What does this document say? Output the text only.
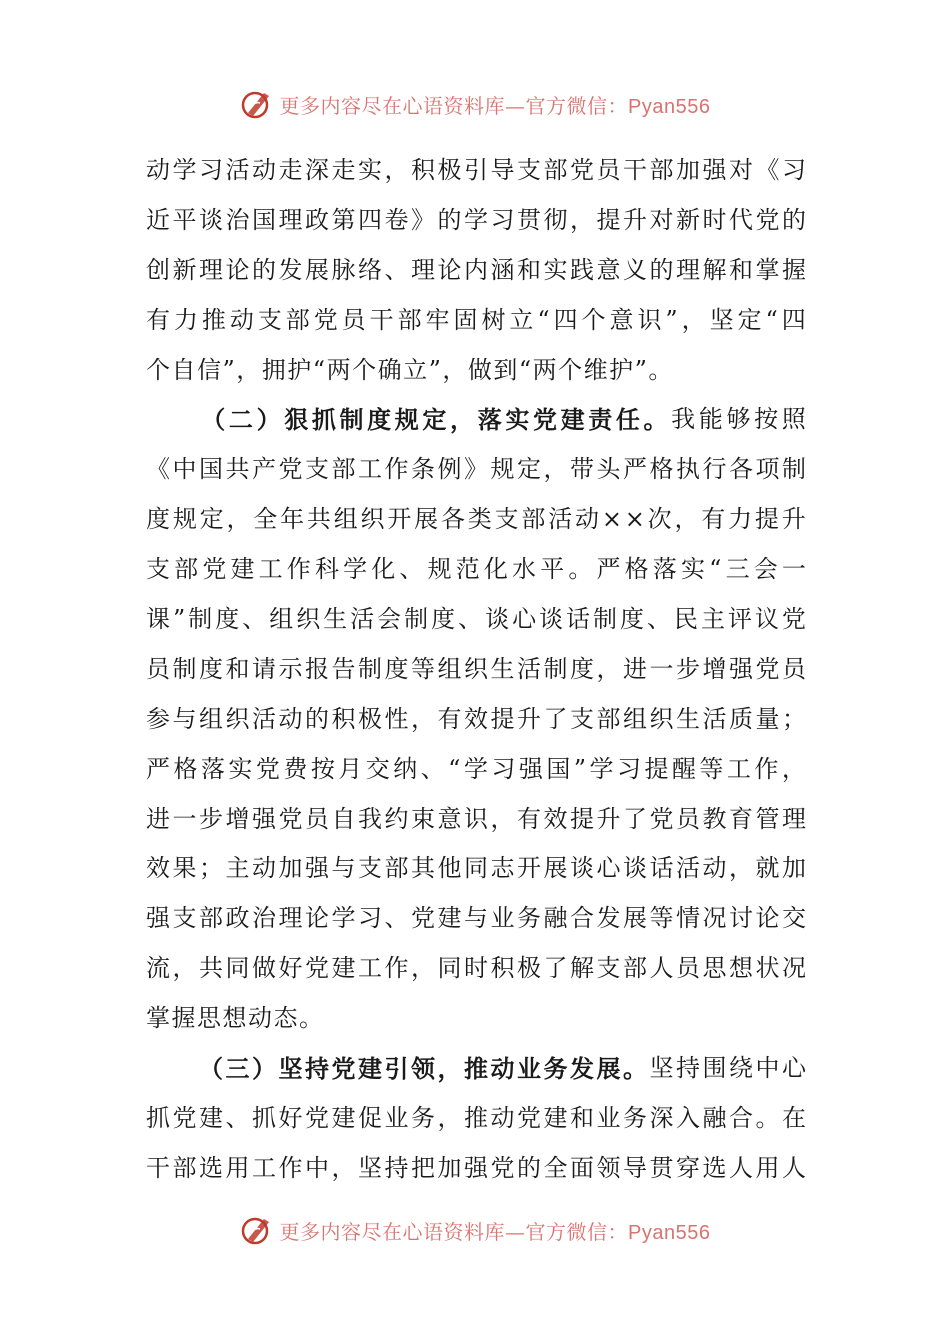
更多内容尽在心语资料库—官方微信：Pyan556
动 学 习 活 动 走 深 走 实 ， 积 极 引 导 支 部 党 员 干 部 加 强 对 《 习
近 平 谈 治 国 理 政 第 四 卷 》 的 学 习 贯 彻 ， 提 升 对 新 时 代 党 的
创 新 理 论 的 发 展 脉 络 、 理 论 内 涵 和 实 践 意 义 的 理 解 和 掌 握
有 力 推 动 支 部 党 员 干 部 牢 固 树 立 “ 四 个 意 识 ” ， 坚 定 “ 四
个 自 信 ” ， 拥 护 “ 两 个 确 立 ” ， 做 到 “ 两 个 维 护 ” 。

（ 二 ） 狠 抓 制 度 规 定 ， 落 实 党 建 责 任 。 我 能 够 按 照
《 中 国 共 产 党 支 部 工 作 条 例 》 规 定 ， 带 头 严 格 执 行 各 项 制
度 规 定 ， 全 年 共 组 织 开 展 各 类 支 部 活 动 × × 次 ， 有 力 提 升
支 部 党 建 工 作 科 学 化 、 规 范 化 水 平 。 严 格 落 实 “ 三 会 一
课 ” 制 度 、 组 织 生 活 会 制 度 、 谈 心 谈 话 制 度 、 民 主 评 议 党
员 制 度 和 请 示 报 告 制 度 等 组 织 生 活 制 度 ， 进 一 步 增 强 党 员
参 与 组 织 活 动 的 积 极 性 ， 有 效 提 升 了 支 部 组 织 生 活 质 量 ；
严 格 落 实 党 费 按 月 交 纳 、 “ 学 习 强 国 ” 学 习 提 醒 等 工 作 ，
进 一 步 增 强 党 员 自 我 约 束 意 识 ， 有 效 提 升 了 党 员 教 育 管 理
效 果 ； 主 动 加 强 与 支 部 其 他 同 志 开 展 谈 心 谈 话 活 动 ， 就 加
强 支 部 政 治 理 论 学 习 、 党 建 与 业 务 融 合 发 展 等 情 况 讨 论 交
流 ， 共 同 做 好 党 建 工 作 ， 同 时 积 极 了 解 支 部 人 员 思 想 状 况
掌 握 思 想 动 态 。

（ 三 ） 坚 持 党 建 引 领 ， 推 动 业 务 发 展 。 坚 持 围 绕 中 心
抓 党 建 、 抓 好 党 建 促 业 务 ， 推 动 党 建 和 业 务 深 入 融 合 。 在
干 部 选 用 工 作 中 ， 坚 持 把 加 强 党 的 全 面 领 导 贯 穿 选 人 用 人
更多内容尽在心语资料库—官方微信：Pyan556
